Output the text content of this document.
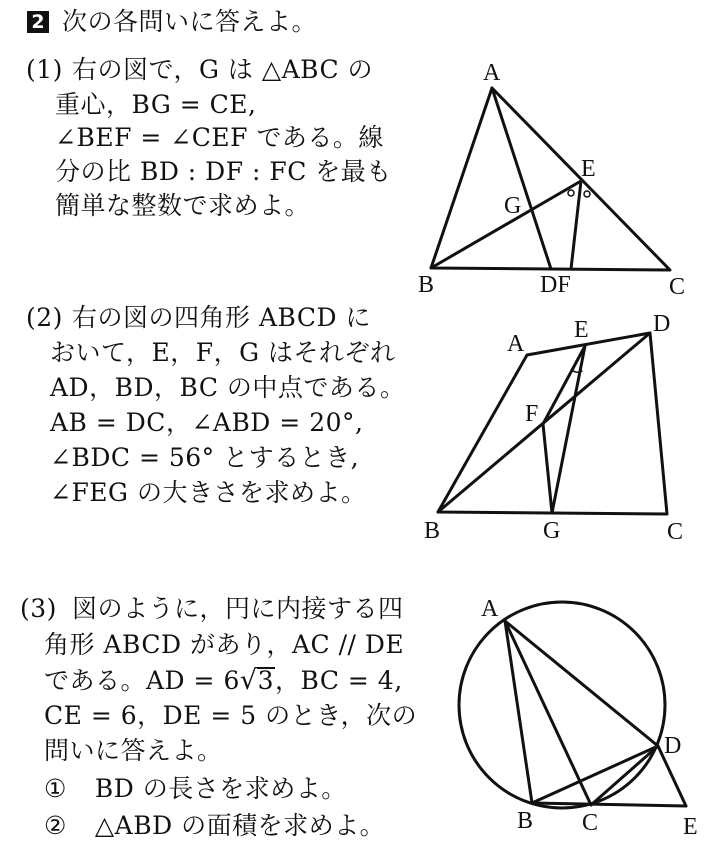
2 次の各問いに答えよ。
(1) 右の図で，G は △ABC の
重心，BG = CE,
∠BEF = ∠CEF である。線
分の比 BD : DF : FC を最も
簡単な整数で求めよ。
(2) 右の図の四角形 ABCD に
おいて，E，F，G はそれぞれ
AD，BD，BC の中点である。
AB = DC，∠ABD = 20°,
∠BDC = 56° とするとき,
∠FEG の大きさを求めよ。
(3) 図のように，円に内接する四
角形 ABCD があり，AC // DE
である。AD = 6√3，BC = 4,
CE = 6，DE = 5 のとき，次の
問いに答えよ。
① BD の長さを求めよ。
② △ABD の面積を求めよ。
A
B	C
DF
E
G
A
E	D
F
B	G	C
A
B C
D
E
